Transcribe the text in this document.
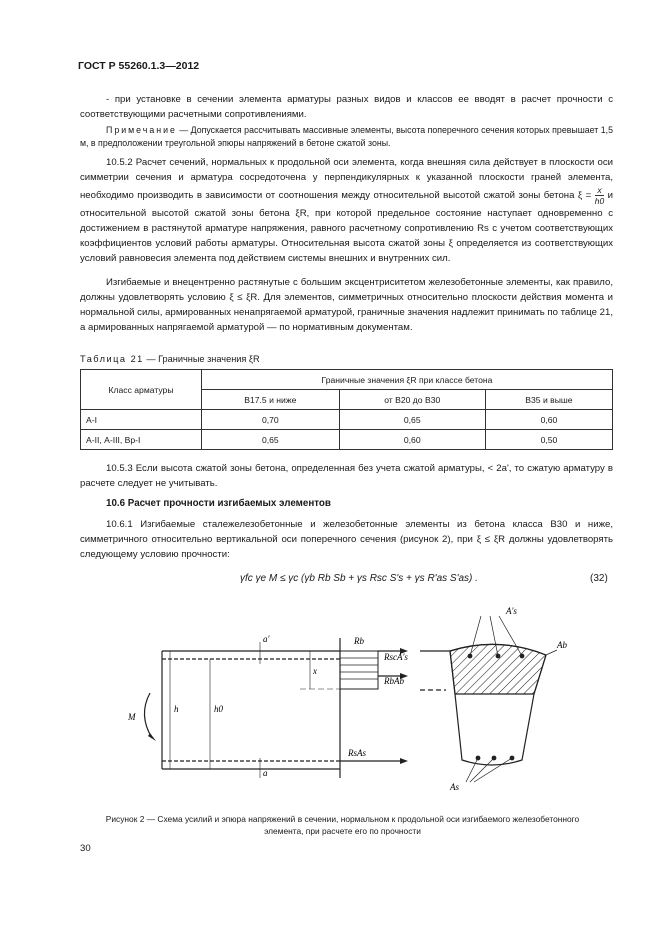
ГОСТ Р 55260.1.3—2012
- при установке в сечении элемента арматуры разных видов и классов ее вводят в расчет прочности с соответствующими расчетными сопротивлениями.
Примечание — Допускается рассчитывать массивные элементы, высота поперечного сечения которых превышает 1,5 м, в предположении треугольной эпюры напряжений в бетоне сжатой зоны.
10.5.2 Расчет сечений, нормальных к продольной оси элемента, когда внешняя сила действует в плоскости оси симметрии сечения и арматура сосредоточена у перпендикулярных к указанной плоскости граней элемента, необходимо производить в зависимости от соотношения между относительной высотой сжатой зоны бетона $\xi = \frac{x}{h0}$ и относительной высотой сжатой зоны бетона ξR, при которой предельное состояние наступает одновременно с достижением в растянутой арматуре напряжения, равного расчетному сопротивлению Rs с учетом соответствующих коэффициентов условий работы арматуры. Относительная высота сжатой зоны ξ определяется из соответствующих условий равновесия элемента под действием системы внешних и внутренних сил.
Изгибаемые и внецентренно растянутые с большим эксцентриситетом железобетонные элементы, как правило, должны удовлетворять условию ξ ≤ ξR. Для элементов, симметричных относительно плоскости действия момента и нормальной силы, армированных ненапрягаемой арматурой, граничные значения надлежит принимать по таблице 21, а армированных напрягаемой арматурой — по нормативным документам.
Таблица 21 — Граничные значения ξR
Класс арматуры	Граничные значения ξR при классе бетона		
	В17.5 и ниже	от В20 до В30	В35 и выше
А-I	0,70	0,65	0,60
А-II, А-III, Вр-I	0,65	0,60	0,50
10.5.3 Если высота сжатой зоны бетона, определенная без учета сжатой арматуры, < 2a', то сжатую арматуру в расчете следует не учитывать.
10.6 Расчет прочности изгибаемых элементов
10.6.1 Изгибаемые сталежелезобетонные и железобетонные элементы из бетона класса В30 и ниже, симметричного относительно вертикальной оси поперечного сечения (рисунок 2), при ξ ≤ ξR должны удовлетворять следующему условию прочности:
γfc γe M ≤ γc (γb Rb Sb + γs Rsc S's + γs R'as S'as) .	(32)
Rb
RscA's
RbAb
RsAs
A's
Ab
As
M
h	h0
x
a'
a
Рисунок 2 — Схема усилий и эпюра напряжений в сечении, нормальном к продольной оси изгибаемого железобетонного элемента, при расчете его по прочности
30
